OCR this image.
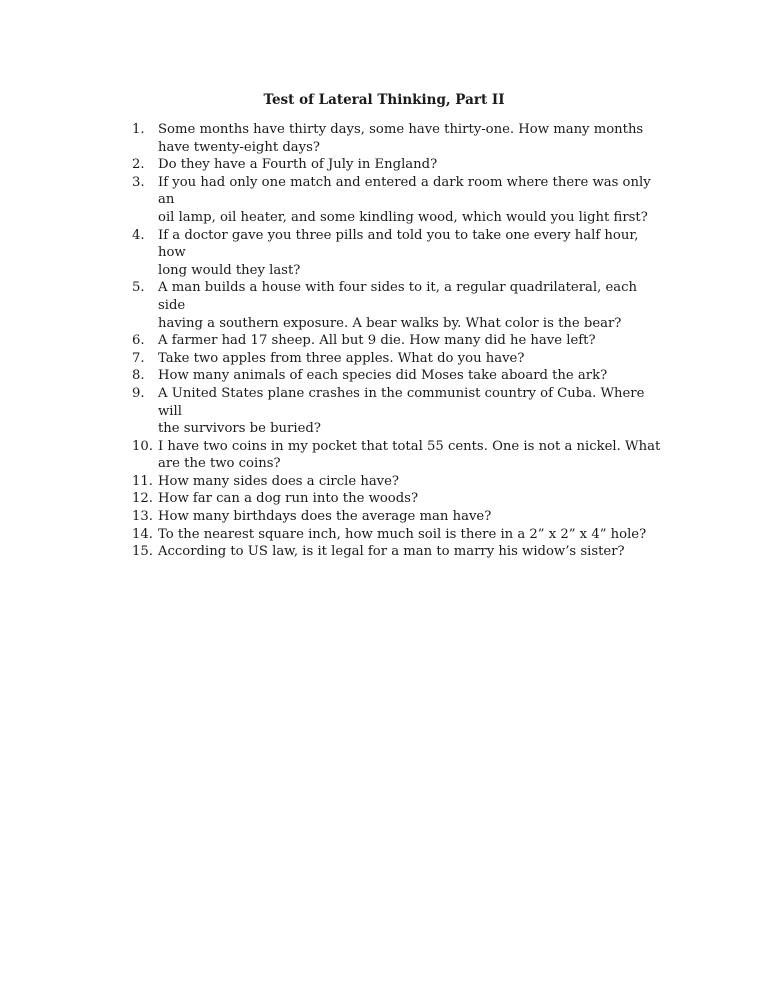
Test of Lateral Thinking, Part II
1.	Some months have thirty days, some have thirty-one. How many months
have twenty-eight days?
2.	Do they have a Fourth of July in England?
3.	If you had only one match and entered a dark room where there was only an
oil lamp, oil heater, and some kindling wood, which would you light first?
4.	If a doctor gave you three pills and told you to take one every half hour, how
long would they last?
5.	A man builds a house with four sides to it, a regular quadrilateral, each side
having a southern exposure. A bear walks by. What color is the bear?
6.	A farmer had 17 sheep. All but 9 die. How many did he have left?
7.	Take two apples from three apples. What do you have?
8.	How many animals of each species did Moses take aboard the ark?
9.	A United States plane crashes in the communist country of Cuba. Where will
the survivors be buried?
10. I have two coins in my pocket that total 55 cents. One is not a nickel. What
are the two coins?
11. How many sides does a circle have?
12. How far can a dog run into the woods?
13. How many birthdays does the average man have?
14. To the nearest square inch, how much soil is there in a 2” x 2” x 4” hole?
15. According to US law, is it legal for a man to marry his widow’s sister?
